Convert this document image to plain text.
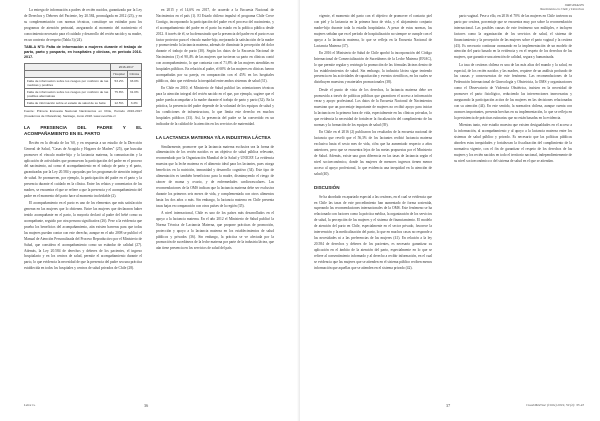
La entrega de información a padres de recién nacidos, garantizada por la Ley de Derechos y Deberes del Paciente, ley 20.584, promulgada en 2012 (23), y en su complementación con normas técnicas, constituye un estándar para los programas de atención perinatal, asegurando al momento del nacimiento el conocimiento necesario para el cuidado y desarrollo del recién nacido y su madre, en un contexto de respeto (Tabla 3) (24).

TABLA Nº3: Falta de información a mujeres durante el trabajo de parto, parto y posparto, en hospitales y clínicas, en periodo 2016-2017.
	2016-2017	
	Hospital	Clínica
Falta de información sobre los riesgos por mofición de las medicas y posibles	53.2%	33.0%
Falta de información sobre los riesgos por mofición de las posibles alternativas	75.8%	31.0%
Falta de información sobre el estado de salud de su bebé	12.5%	3.2%
Fuente: Primera Encuesta Nacional Nacimientos en Chile, Periodo 2016-2017 (Cuadernos de Obstetricia). Santiago, Junio 2018. www.ovochile.cl
LA PRESENCIA DEL PADRE Y EL ACOMPAÑAMIENTO EN EL PARTO

Recién en la década de los '60, y en respuesta a un estudio de la Dirección General de Salud, "Casas de Acogida y Hogares de Madres" (25), que buscaba promover el vínculo madre-hijo y la lactancia materna, la comunicación y la aplicación de actividades que promuevan la participación del padre en el proceso del nacimiento, así como el acompañamiento en el trabajo de parto y el parto, garantizadas por la Ley 20.584 y apoyadas por los programas de atención integral de salud. Se promueven, por ejemplo, la participación del padre en el parto y la presencia durante el cuidado en la clínica. Entre los relatos y comentarios de las madres, se encuentra el que se refiere a que la presencia y el acompañamiento del padre en el momento del parto hace al momento inolvidable (2).

El acompañamiento en el parto es uno de los elementos que más satisfacción generan en las mujeres que lo obtienen. Entre las mujeres que declararon haber tenido acompañante en el parto, la mayoría declaró al padre del bebé como su acompañante, seguido por otra persona significativa (26). Pese a la evidencia que prueba los beneficios del acompañamiento, aún existen barreras para que todas las mujeres puedan contar con este derecho, aunque en el año 2008 se publicó el Manual de Atención Personalizada del Proceso Reproductivo por el Ministerio de Salud, que considera el acompañamiento como un estándar de calidad (27). Además, la Ley 20.584 de derechos y deberes de los pacientes, el ingreso hospitalario y en los centros de salud, permite el acompañamiento durante el parto, lo que evidencia la necesidad de que la presencia del padre sea una práctica establecida en todos los hospitales y centros de salud privados de Chile (28).

en 2015 y el 14,6% en 2017, de acuerdo a la Encuesta Nacional de Nacimientos en el país (1). El Estado chileno impulsó el programa Chile Crece Contigo, incorporando la participación del padre en el proceso del nacimiento, y el acompañamiento del padre en el parto ha estado en la política pública desde 2012. A través de él, se ha demostrado que la presencia del padre en el parto es un factor protector para el vínculo madre-hijo, mejorando la satisfacción de la madre y promoviendo la lactancia materna, además de disminuir la percepción del dolor durante el trabajo de parto (30). Según los datos de la Encuesta Nacional de Nacimientos (1) el 90,4% de las mujeres que tuvieron su parto en clínicas contó con acompañamiento, lo que contrasta con el 71,8% de las mujeres atendidas en hospitales públicos. En relación al padre, el 60% de las mujeres en clínicas fueron acompañadas por su pareja, en comparación con el 45% en los hospitales públicos, dato que evidencia la inequidad entre ambos sistemas de salud (31).

En Chile en 2010, el Ministerio de Salud publicó las orientaciones técnicas para la atención integral del recién nacido en el que, por ejemplo, sugiere que el padre pueda acompañar a la madre durante el trabajo de parto y parto (32). En la práctica, la presencia del padre depende de la voluntad de los equipos de salud y las condiciones de infraestructura, lo que limita este derecho en muchos hospitales públicos (33). Así, la presencia del padre se ha convertido en un indicador de la calidad de la atención en los servicios de maternidad.

LA LACTANCIA MATERNA Y/LA INDUSTRIA LÁCTEA

Similarmente, promover que la lactancia materna exclusiva sea la forma de alimentación de los recién nacidos es un objetivo de salud pública relevante, recomendado por la Organización Mundial de la Salud y UNICEF. La evidencia muestra que la leche materna es el alimento ideal para los lactantes, pues otorga beneficios en la nutrición, inmunidad y desarrollo cognitivo (34). Este tipo de alimentación es también beneficioso para la madre, disminuyendo el riesgo de cáncer de mama y ovario, y de enfermedades cardiovasculares. Las recomendaciones de la OMS indican que la lactancia materna debe ser exclusiva durante los primeros seis meses de vida, y complementada con otros alimentos hasta los dos años o más. Sin embargo, la lactancia materna en Chile presenta tasas bajas en comparación con otros países de la región (35).

A nivel internacional, Chile es uno de los países más desarrollados en el apoyo a la lactancia materna. En el año 2012 el Ministerio de Salud publicó la Norma Técnica de Lactancia Materna, que propone prácticas de promoción, protección y apoyo a la lactancia materna en los establecimientos de salud públicos y privados (36). Sin embargo, la práctica se ve afectada por la promoción de sucedáneos de la leche materna por parte de la industria láctea, que aún tiene presencia en los servicios de salud del país.

Letra G.	36
ORIGINALES
Nacimiento en Chile y Derechos

vigente, el momento del parto con el objetivo de promover el contacto piel con piel y la lactancia en la primera hora de vida, y el alojamiento conjunto madre-hijo durante toda la estadía hospitalaria. A pesar de estas normas, las mujeres señalan que en el período de hospitalización no siempre se cumple con el apoyo a la lactancia materna, lo que se refleja en la Encuesta Nacional de Lactancia Materna (37).

En 2016 el Ministerio de Salud de Chile aprobó la incorporación del Código Internacional de Comercialización de Sucedáneos de la Leche Materna (ENAC), lo que permite regular y restringir la promoción de las fórmulas lácteas dentro de los establecimientos de salud. Sin embargo, la industria láctea sigue teniendo presencia en las actividades de capacitación y eventos científicos, en los cuales se distribuyen muestras y materiales promocionales (38).

Desde el punto de vista de los derechos, la lactancia materna debe ser promovida a través de políticas públicas que garanticen el acceso a información veraz y apoyo profesional. Los datos de la Encuesta Nacional de Nacimientos muestran que un porcentaje importante de mujeres no recibió apoyo para iniciar la lactancia en la primera hora de vida, especialmente en las clínicas privadas, lo que evidencia la necesidad de fortalecer la fiscalización del cumplimiento de las normas y la formación de los equipos de salud (39).

En Chile en el 2016 (2) publicaron los resultados de la encuesta nacional de lactancia que reveló que el 56,3% de los lactantes recibió lactancia materna exclusiva hasta el sexto mes de vida, cifra que ha aumentado respecto a años anteriores, pero que se encuentra lejos de las metas propuestas por el Ministerio de Salud. Además, existe una gran diferencia en las tasas de lactancia según el nivel socioeconómico, donde las mujeres de menores ingresos tienen menor acceso al apoyo profesional, lo que evidencia una inequidad en la atención de salud (40).

DISCUSIÓN

Se ha abordado en apartado especial a las cesáreas, en el cual se evidencia que en Chile las tasas de este procedimiento han aumentado de forma sostenida, superando las recomendaciones internacionales de la OMS. Este fenómeno se ha relacionado con factores como la práctica médica, la organización de los servicios de salud, la percepción de las mujeres y el sistema de financiamiento. El modelo de atención del parto en Chile, especialmente en el sector privado, favorece la intervención y la medicalización del parto, lo que en muchos casos no responde a las necesidades ni a las preferencias de las mujeres (41). En relación a la ley 20.584 de derechos y deberes de los pacientes, es necesario garantizar su aplicación en el ámbito de la atención del parto, especialmente en lo que se refiere al consentimiento informado y al derecho a recibir información, en el cual se evidencia que las mujeres que se atienden en el sistema público reciben menos información que aquellas que se atienden en el sistema privado (42).

parto vaginal. Pese a ello, en 2016 el 70% de las mujeres en Chile tuvieron su parto por cesárea, porcentaje que se encuentra muy por sobre la recomendación internacional. Las posibles causas de este fenómeno son múltiples, e incluyen factores como la organización de los servicios de salud, el sistema de financiamiento y la percepción de las mujeres sobre el parto vaginal y la cesárea (43). Es necesario continuar avanzando en la implementación de un modelo de atención del parto basado en la evidencia y en el respeto de los derechos de las mujeres, que garantice una atención de calidad, segura y humanizada.

La tasa de cesáreas chilena es una de las más altas del mundo y la salud, en especial, de los recién nacidos y las madres, requiere de un análisis profundo de las causas y consecuencias de este fenómeno. Las recomendaciones de la Federación Internacional de Ginecología y Obstetricia, la OMS y organizaciones como el Observatorio de Violencia Obstétrica, insisten en la necesidad de promover el parto fisiológico, reduciendo las intervenciones innecesarias y asegurando la participación activa de las mujeres en las decisiones relacionadas con su atención (44). En este sentido, la normativa chilena, aunque cuenta con avances importantes, presenta brechas en su implementación, lo que se refleja en la persistencia de prácticas rutinarias que no están basadas en la evidencia.

Mientras tanto, este estudio muestra que existen desigualdades en el acceso a la información, al acompañamiento y al apoyo a la lactancia materna entre los sistemas de salud público y privado. Es necesario que las políticas públicas aborden estas inequidades y fortalezcan la fiscalización del cumplimiento de la normativa vigente, con el fin de garantizar el respeto de los derechos de las mujeres y los recién nacidos en todo el territorio nacional, independientemente de su nivel socioeconómico o del sistema de salud en el que se atiendan.

37	Cuad Méd Soc (Chile) 2019, 59 (2): 33-43
